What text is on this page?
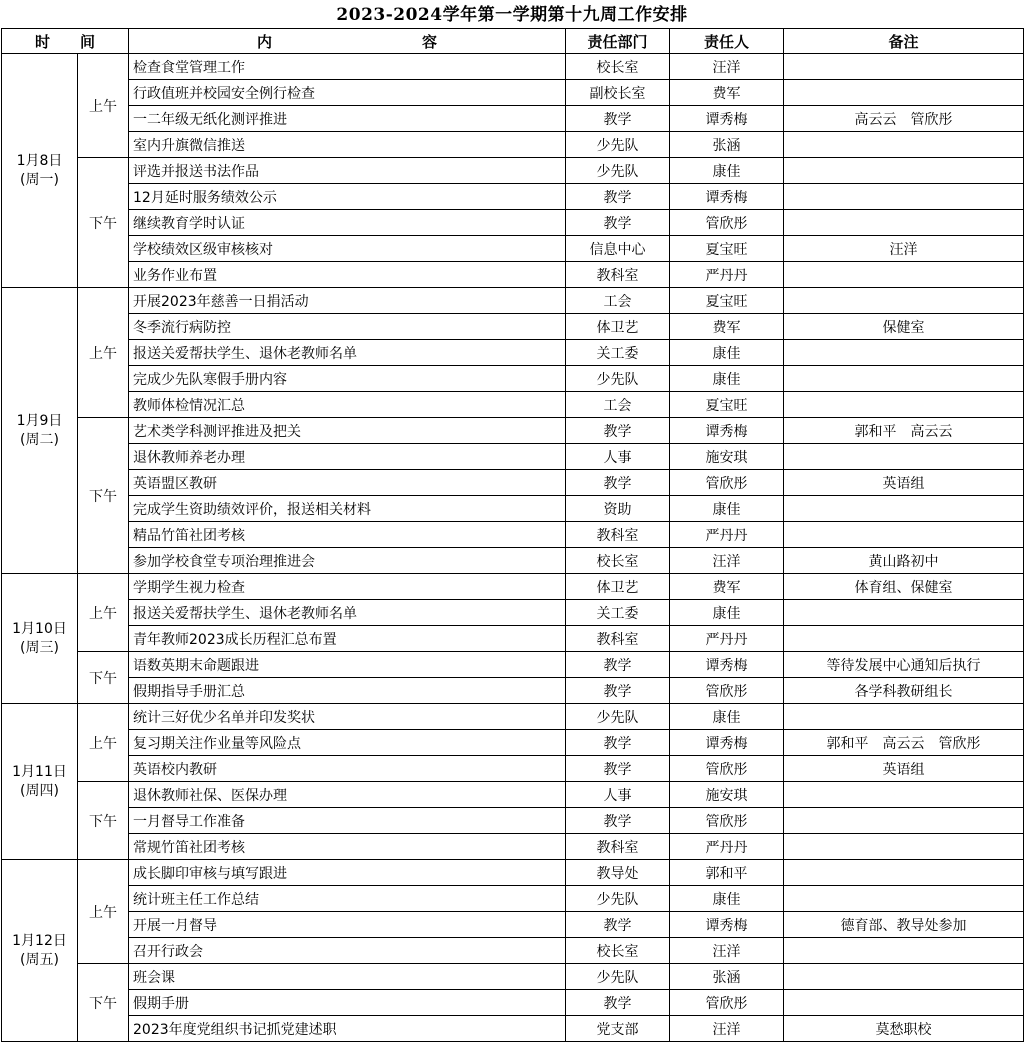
2023-2024学年第一学期第十九周工作安排
时　　间		内　　　　　　　　　　容	责任部门	责任人	备注

1月8日
(周一)	上午	检查食堂管理工作	校长室	汪洋	
		行政值班并校园安全例行检查	副校长室	费军	
		一二年级无纸化测评推进	教学	谭秀梅	高云云　管欣彤
		室内升旗微信推送	少先队	张涵	
	下午	评选并报送书法作品	少先队	康佳	
		12月延时服务绩效公示	教学	谭秀梅	
		继续教育学时认证	教学	管欣彤	
		学校绩效区级审核核对	信息中心	夏宝旺	汪洋
		业务作业布置	教科室	严丹丹	

1月9日
(周二)	上午	开展2023年慈善一日捐活动	工会	夏宝旺	
		冬季流行病防控	体卫艺	费军	保健室
		报送关爱帮扶学生、退休老教师名单	关工委	康佳	
		完成少先队寒假手册内容	少先队	康佳	
		教师体检情况汇总	工会	夏宝旺	
	下午	艺术类学科测评推进及把关	教学	谭秀梅	郭和平　高云云
		退休教师养老办理	人事	施安琪	
		英语盟区教研	教学	管欣彤	英语组
		完成学生资助绩效评价，报送相关材料	资助	康佳	
		精品竹笛社团考核	教科室	严丹丹	
		参加学校食堂专项治理推进会	校长室	汪洋	黄山路初中

1月10日
(周三)	上午	学期学生视力检查	体卫艺	费军	体育组、保健室
		报送关爱帮扶学生、退休老教师名单	关工委	康佳	
		青年教师2023成长历程汇总布置	教科室	严丹丹	
	下午	语数英期末命题跟进	教学	谭秀梅	等待发展中心通知后执行
		假期指导手册汇总	教学	管欣彤	各学科教研组长

1月11日
(周四)	上午	统计三好优少名单并印发奖状	少先队	康佳	
		复习期关注作业量等风险点	教学	谭秀梅	郭和平　高云云　管欣彤
		英语校内教研	教学	管欣彤	英语组
	下午	退休教师社保、医保办理	人事	施安琪	
		一月督导工作准备	教学	管欣彤	
		常规竹笛社团考核	教科室	严丹丹	

1月12日
(周五)	上午	成长脚印审核与填写跟进	教导处	郭和平	
		统计班主任工作总结	少先队	康佳	
		开展一月督导	教学	谭秀梅	德育部、教导处参加
		召开行政会	校长室	汪洋	
	下午	班会课	少先队	张涵	
		假期手册	教学	管欣彤	
		2023年度党组织书记抓党建述职	党支部	汪洋	莫愁职校
